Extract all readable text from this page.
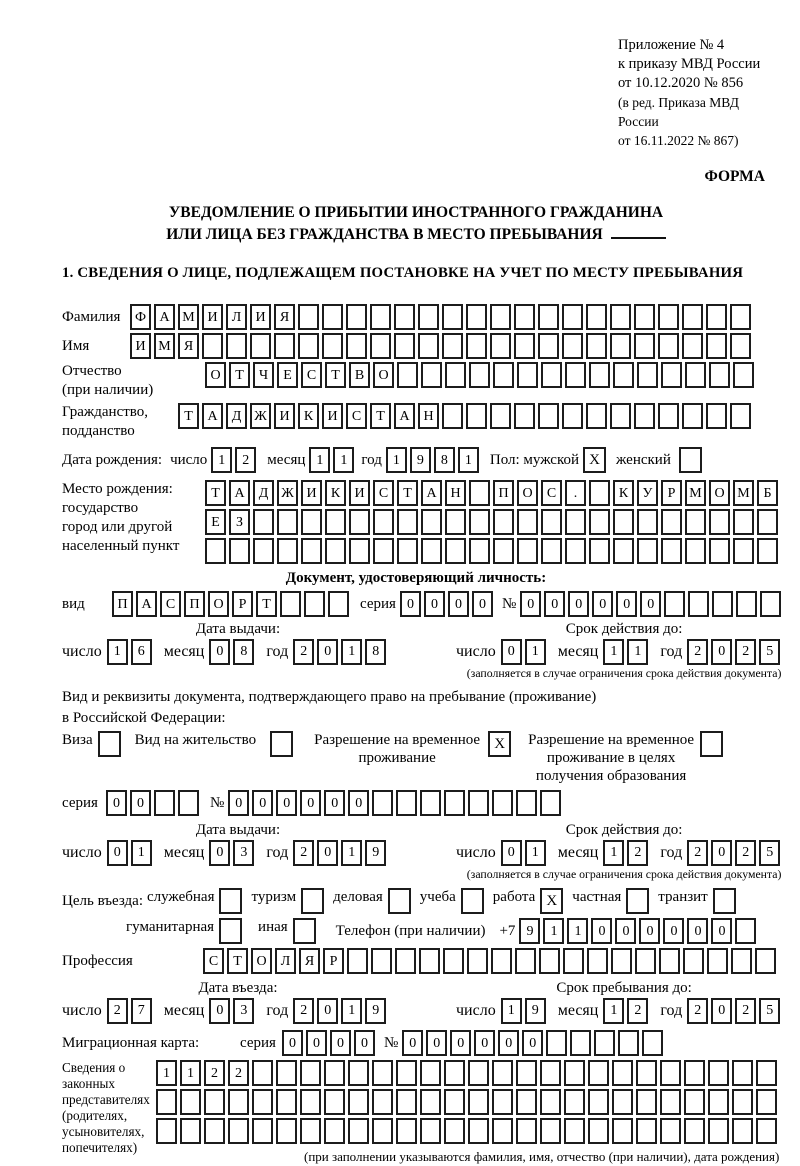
Приложение № 4
к приказу МВД России
от 10.12.2020 № 856
(в ред. Приказа МВД России
от 16.11.2022 № 867)
ФОРМА
УВЕДОМЛЕНИЕ О ПРИБЫТИИ ИНОСТРАННОГО ГРАЖДАНИНА
ИЛИ ЛИЦА БЕЗ ГРАЖДАНСТВА В МЕСТО ПРЕБЫВАНИЯ
1. СВЕДЕНИЯ О ЛИЦЕ, ПОДЛЕЖАЩЕМ ПОСТАНОВКЕ НА УЧЕТ ПО МЕСТУ ПРЕБЫВАНИЯ
Фамилия	Ф А М И	Л	И	Я
Имя	И М Я
Отчество
(при наличии)
О	Т	Ч	Е	С	Т	В	О
Гражданство,
подданство
Т	А	Д Ж И	К	И	С	Т	А Н
Дата рождения: число 1	2	месяц 1	1 год 1	9	8	1	Пол: мужской X	женский
Место рождения:
государство
город или другой
населенный пункт
Т	А	Д Ж И	К	И	С	Т	А Н	П О	С	.	К	У	Р М О М Б
Е	З
Документ, удостоверяющий личность:
вид	П А	С	П О	Р	Т	серия 0	0	0	0	№ 0	0	0	0	0	0
Дата выдачи:
число 1	6	месяц 0	8	год 2	0	1	8
Срок действия до:
число 0	1	месяц 1	1	год 2	0	2	5
(заполняется в случае ограничения срока действия документа)
Вид и реквизиты документа, подтверждающего право на пребывание (проживание)
в Российской Федерации:
Виза	Вид на жительство	Разрешение на временное проживание
X	Разрешение на временное проживание в целях получения образования
серия	0	0	№ 0	0	0	0	0	0
Дата выдачи:
число 0	1	месяц 0	3	год 2	0	1	9
Срок действия до:
число 0	1	месяц 1	2	год 2	0	2	5
(заполняется в случае ограничения срока действия документа)
Цель въезда: служебная туризм деловая учеба работа X	частная транзит
гуманитарная	иная	Телефон (при наличии) +7 9	1	1	0	0	0	0	0	0
Профессия	С	Т	О	Л	Я	Р
Дата въезда:
число 2	7	месяц 0	3	год 2	0	1	9
Срок пребывания до:
число 1	9	месяц 1	2	год 2	0	2	5
Миграционная карта:	серия 0	0	0	0	№ 0	0	0	0	0	0
Сведения о
законных
представителях
(родителях,
усыновителях,
попечителях)
1	1	2	2
(при заполнении указываются фамилия, имя, отчество (при наличии), дата рождения)
